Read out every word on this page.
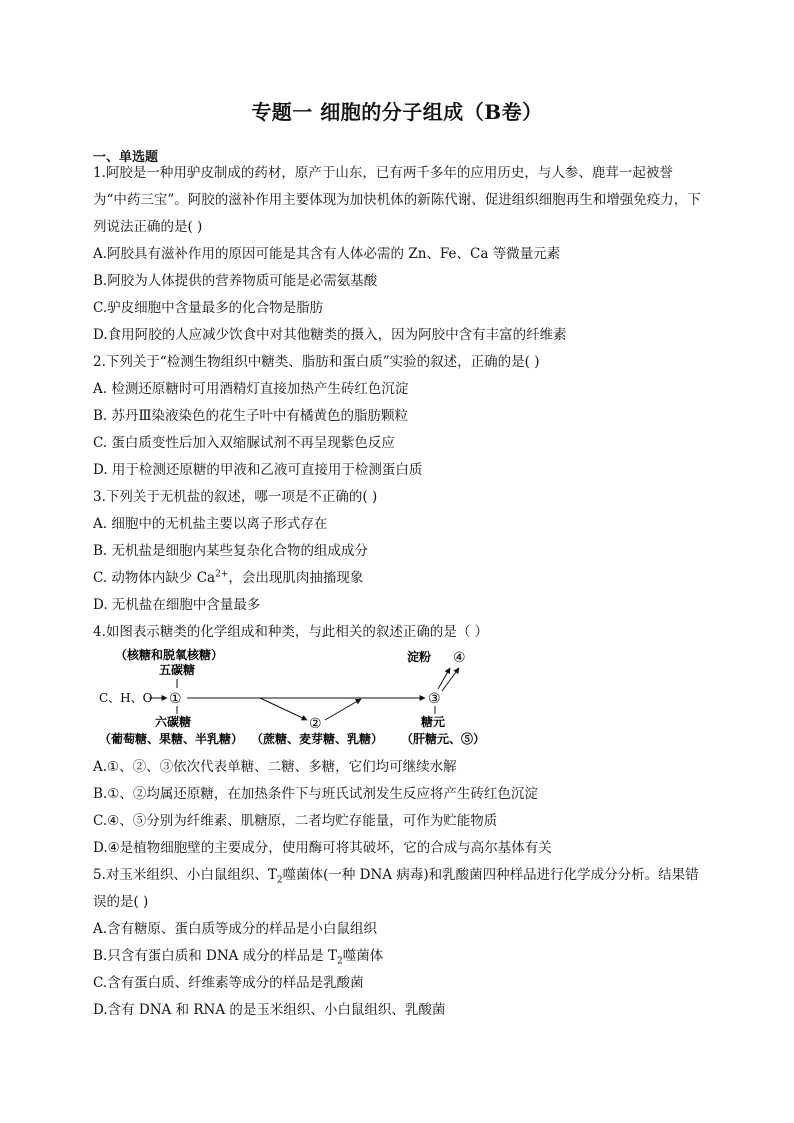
专题一 细胞的分子组成（B卷）
一、单选题

1.阿胶是一种用驴皮制成的药材，原产于山东，已有两千多年的应用历史，与人参、鹿茸一起被誉为“中药三宝”。阿胶的滋补作用主要体现为加快机体的新陈代谢、促进组织细胞再生和增强免疫力，下列说法正确的是( )

A.阿胶具有滋补作用的原因可能是其含有人体必需的 Zn、Fe、Ca 等微量元素

B.阿胶为人体提供的营养物质可能是必需氨基酸

C.驴皮细胞中含量最多的化合物是脂肪

D.食用阿胶的人应减少饮食中对其他糖类的摄入，因为阿胶中含有丰富的纤维素

2.下列关于“检测生物组织中糖类、脂肪和蛋白质”实验的叙述，正确的是( )

A. 检测还原糖时可用酒精灯直接加热产生砖红色沉淀

B. 苏丹Ⅲ染液染色的花生子叶中有橘黄色的脂肪颗粒

C. 蛋白质变性后加入双缩脲试剂不再呈现紫色反应

D. 用于检测还原糖的甲液和乙液可直接用于检测蛋白质

3.下列关于无机盐的叙述，哪一项是不正确的( )

A. 细胞中的无机盐主要以离子形式存在

B. 无机盐是细胞内某些复杂化合物的组成成分

C. 动物体内缺少 $Ca^{2+}$，会出现肌肉抽搐现象

D. 无机盐在细胞中含量最多

4.如图表示糖类的化学组成和种类，与此相关的叙述正确的是（ ）

（核糖和脱氧核糖）
五碳糖
C、H、O ①
②
③
淀粉 ④
六碳糖	糖元
（葡萄糖、果糖、半乳糖） （蔗糖、麦芽糖、乳糖） （肝糖元、⑤）

A.①、②、③依次代表单糖、二糖、多糖，它们均可继续水解

B.①、②均属还原糖，在加热条件下与班氏试剂发生反应将产生砖红色沉淀

C.④、⑤分别为纤维素、肌糖原，二者均贮存能量，可作为贮能物质

D.④是植物细胞壁的主要成分，使用酶可将其破坏，它的合成与高尔基体有关

5.对玉米组织、小白鼠组织、$T_2$噬菌体(一种 DNA 病毒)和乳酸菌四种样品进行化学成分分析。结果错误的是( )

A.含有糖原、蛋白质等成分的样品是小白鼠组织

B.只含有蛋白质和 DNA 成分的样品是 $T_2$噬菌体

C.含有蛋白质、纤维素等成分的样品是乳酸菌

D.含有 DNA 和 RNA 的是玉米组织、小白鼠组织、乳酸菌
